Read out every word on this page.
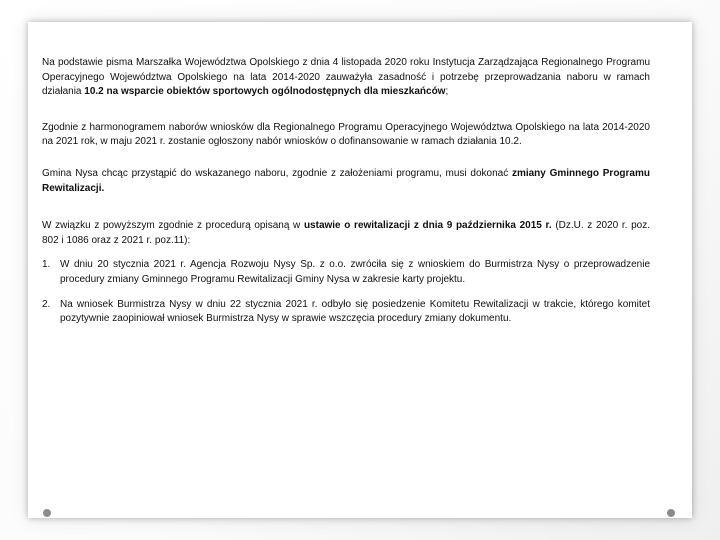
Na podstawie pisma Marszałka Województwa Opolskiego z dnia 4 listopada 2020 roku Instytucja Zarządzająca Regionalnego Programu Operacyjnego Województwa Opolskiego na lata 2014-2020 zauważyła zasadność i potrzebę przeprowadzania naboru w ramach działania 10.2 na wsparcie obiektów sportowych ogólnodostępnych dla mieszkańców;

Zgodnie z harmonogramem naborów wniosków dla Regionalnego Programu Operacyjnego Województwa Opolskiego na lata 2014-2020 na 2021 rok, w maju 2021 r. zostanie ogłoszony nabór wniosków o dofinansowanie w ramach działania 10.2.

Gmina Nysa chcąc przystąpić do wskazanego naboru, zgodnie z założeniami programu, musi dokonać zmiany Gminnego Programu Rewitalizacji.

W związku z powyższym zgodnie z procedurą opisaną w ustawie o rewitalizacji z dnia 9 października 2015 r. (Dz.U. z 2020 r. poz. 802 i 1086 oraz z 2021 r. poz.11):

1. W dniu 20 stycznia 2021 r. Agencja Rozwoju Nysy Sp. z o.o. zwróciła się z wnioskiem do Burmistrza Nysy o przeprowadzenie procedury zmiany Gminnego Programu Rewitalizacji Gminy Nysa w zakresie karty projektu.
2. Na wniosek Burmistrza Nysy w dniu 22 stycznia 2021 r. odbyło się posiedzenie Komitetu Rewitalizacji w trakcie, którego komitet pozytywnie zaopiniował wniosek Burmistrza Nysy w sprawie wszczęcia procedury zmiany dokumentu.
